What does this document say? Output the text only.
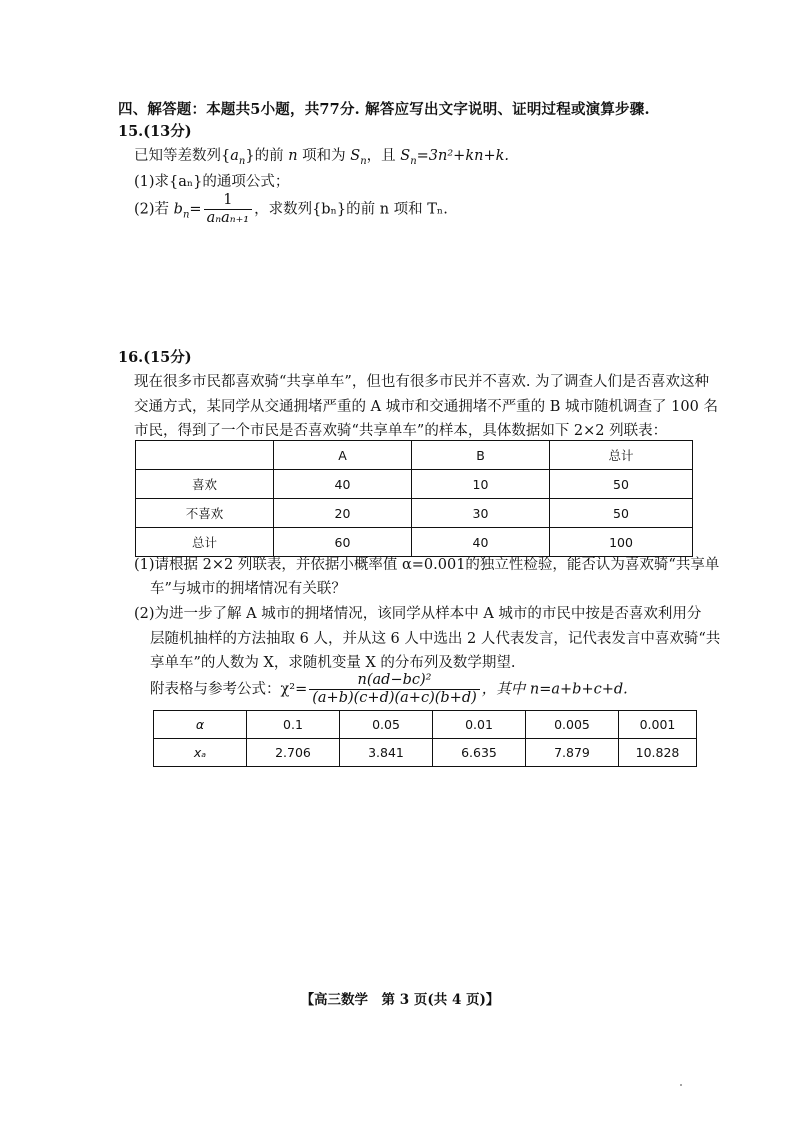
四、解答题：本题共5小题，共77分. 解答应写出文字说明、证明过程或演算步骤.
15.(13分)
已知等差数列$\{a_n\}$的前 n 项和为 $S_n$，且 $S_n=3n^2+kn+k$.
(1)求{aₙ}的通项公式；
(2)若 $b_n= \frac{1}{\text{aₙaₙ₊₁}}$ ，求数列{bₙ}的前 n 项和 Tₙ.
16.(15分)
现在很多市民都喜欢骑“共享单车”，但也有很多市民并不喜欢. 为了调查人们是否喜欢这种
交通方式，某同学从交通拥堵严重的 A 城市和交通拥堵不严重的 B 城市随机调查了 100 名
市民，得到了一个市民是否喜欢骑“共享单车”的样本，具体数据如下 2×2 列联表：
	A	B	总计
喜欢	40	10	50
不喜欢	20	30	50
总计	60	40	100
(1)请根据 2×2 列联表，并依据小概率值 α=0.001的独立性检验，能否认为喜欢骑“共享单
车”与城市的拥堵情况有关联？
(2)为进一步了解 A 城市的拥堵情况，该同学从样本中 A 城市的市民中按是否喜欢利用分
层随机抽样的方法抽取 6 人，并从这 6 人中选出 2 人代表发言，记代表发言中喜欢骑“共
享单车”的人数为 X，求随机变量 X 的分布列及数学期望.
附表格与参考公式：$\chi^2= \frac{\text{n(ad−bc)²}}{(a+b)(c+d)(a+c)(b+d)}$ ，其中 n=a+b+c+d.
α	0.1	0.05	0.01	0.005	0.001
xₐ	2.706	3.841	6.635	7.879	10.828
【高三数学　第 3 页(共 4 页)】
